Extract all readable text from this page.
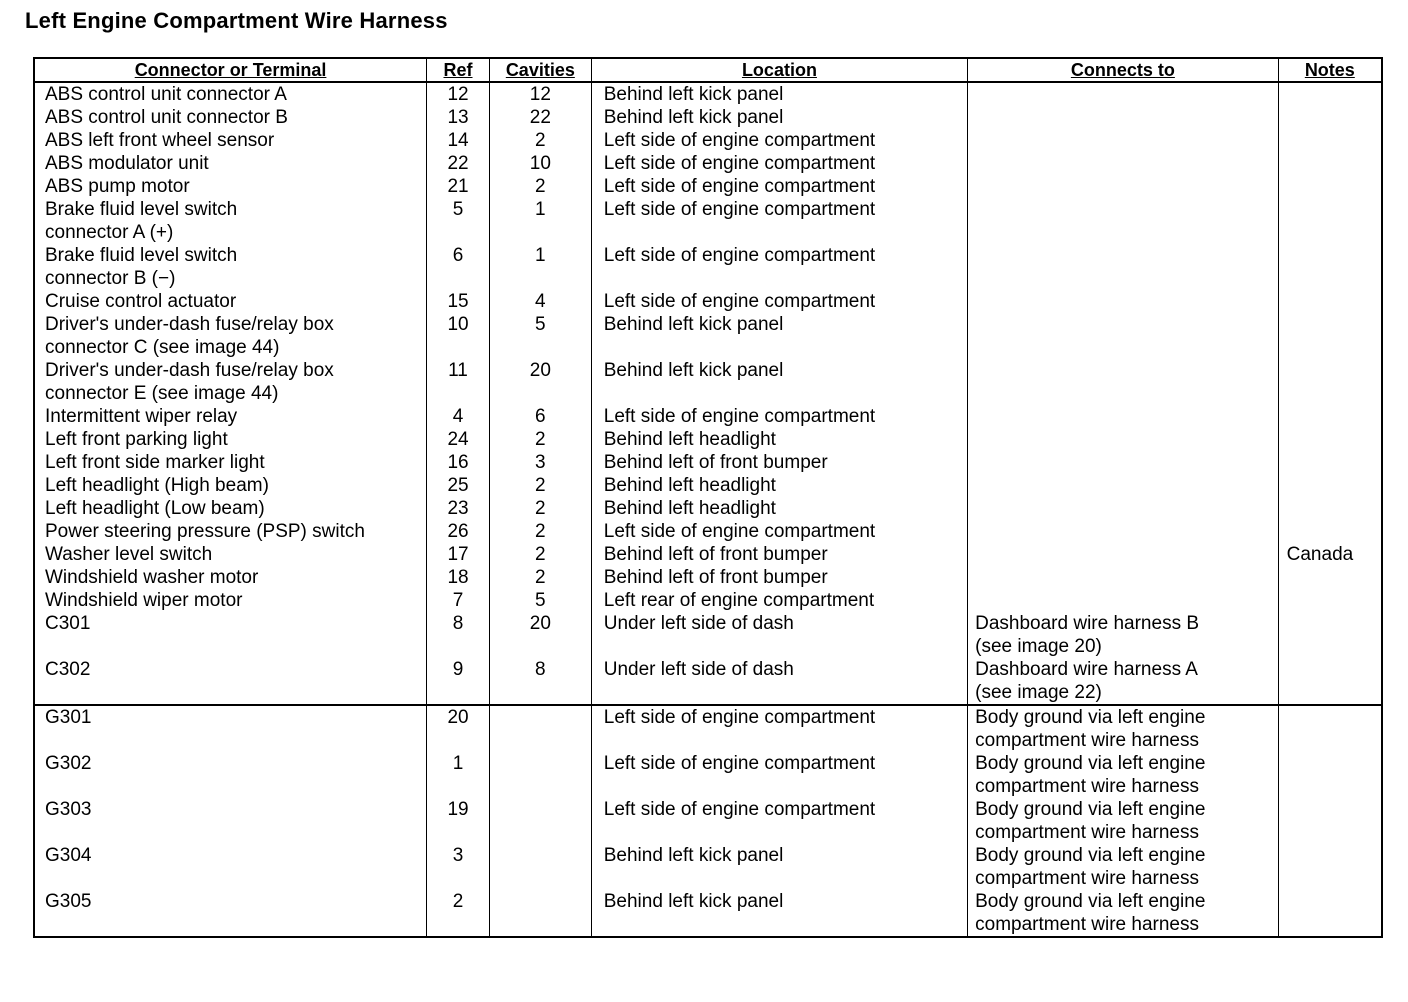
Left Engine Compartment Wire Harness
Connector or Terminal	Ref	Cavities	Location	Connects to	Notes

ABS control unit connector A	12	12	Behind left kick panel		

ABS control unit connector B	13	22	Behind left kick panel		

ABS left front wheel sensor	14	2	Left side of engine compartment		

ABS modulator unit	22	10	Left side of engine compartment		

ABS pump motor	21	2	Left side of engine compartment		

Brake fluid level switch
connector A (+)	5	1	Left side of engine compartment		

Brake fluid level switch
connector B (−)	6	1	Left side of engine compartment		

Cruise control actuator	15	4	Left side of engine compartment		

Driver's under-dash fuse/relay box
connector C (see image 44)	10	5	Behind left kick panel		

Driver's under-dash fuse/relay box
connector E (see image 44)	11	20	Behind left kick panel		

Intermittent wiper relay	4	6	Left side of engine compartment		

Left front parking light	24	2	Behind left headlight		

Left front side marker light	16	3	Behind left of front bumper		

Left headlight (High beam)	25	2	Behind left headlight		

Left headlight (Low beam)	23	2	Behind left headlight		

Power steering pressure (PSP) switch	26	2	Left side of engine compartment		

Washer level switch	17	2	Behind left of front bumper		Canada

Windshield washer motor	18	2	Behind left of front bumper		

Windshield wiper motor	7	5	Left rear of engine compartment		

C301	8	20	Under left side of dash	Dashboard wire harness B
(see image 20)	

C302	9	8	Under left side of dash	Dashboard wire harness A
(see image 22)	

G301	20		Left side of engine compartment	Body ground via left engine
compartment wire harness	

G302	1		Left side of engine compartment	Body ground via left engine
compartment wire harness	

G303	19		Left side of engine compartment	Body ground via left engine
compartment wire harness	

G304	3		Behind left kick panel	Body ground via left engine
compartment wire harness	

G305	2		Behind left kick panel	Body ground via left engine
compartment wire harness	
